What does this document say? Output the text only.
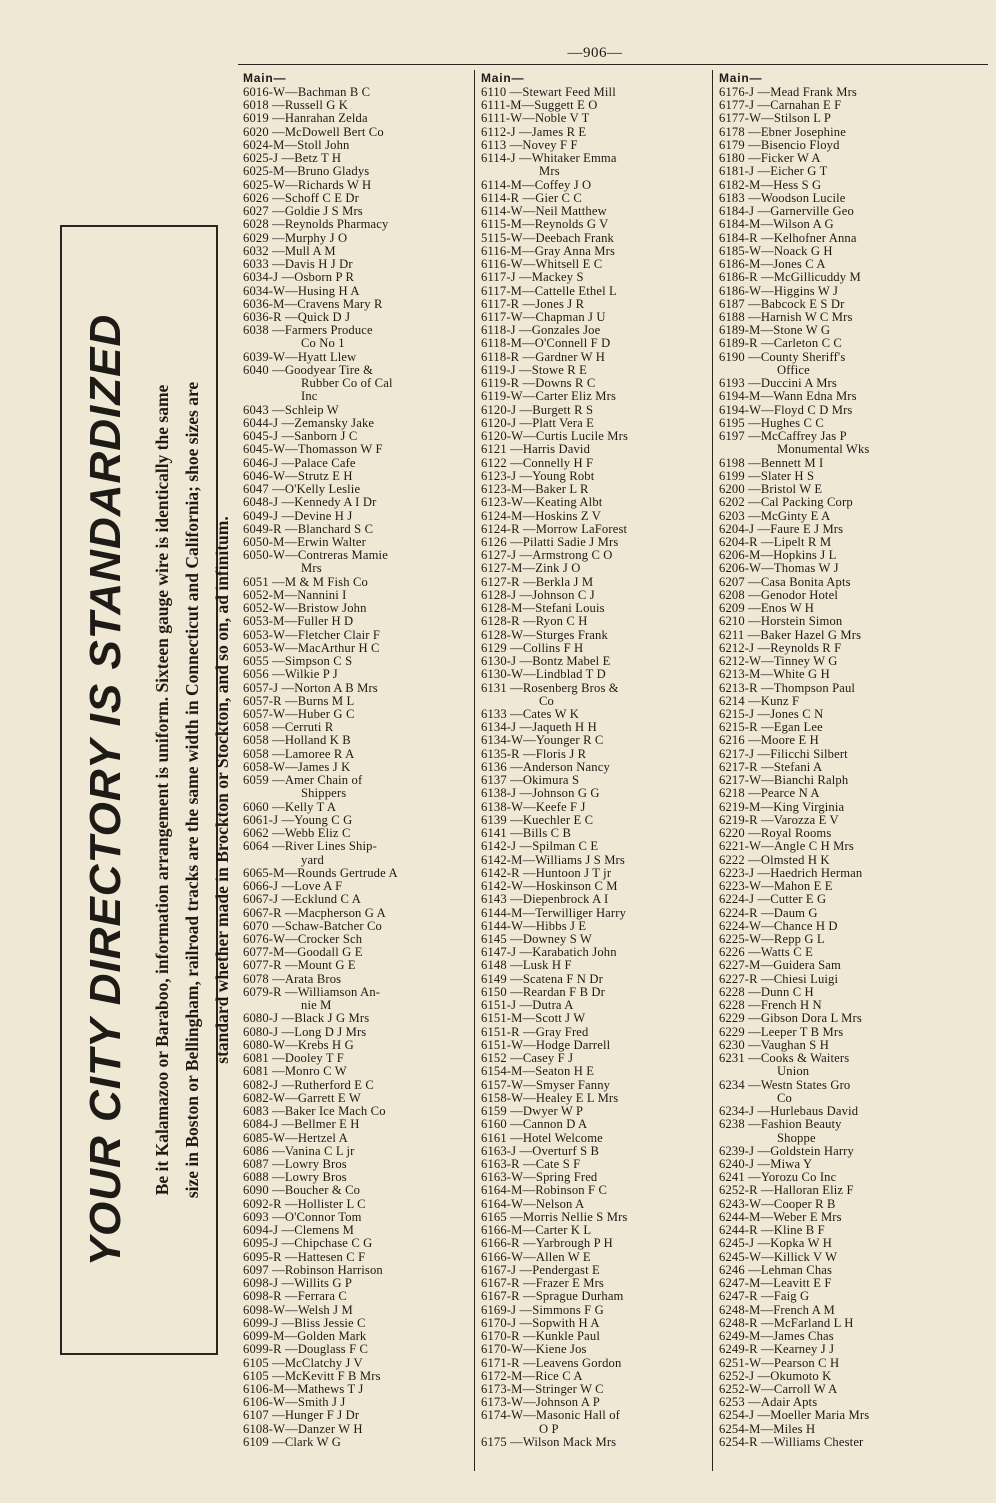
—906—
YOUR CITY DIRECTORY IS STANDARDIZED Be it Kalamazoo or Baraboo, information arrangement is uniform. Sixteen gauge wire is identically the same size in Boston or Bellingham, railroad tracks are the same width in Connecticut and California; shoe sizes are standard whether made in Brockton or Stockton, and so on, ad infinitum.
Main—
6016-W—Bachman B C
6018 —Russell G K
6019 —Hanrahan Zelda
6020 —McDowell Bert Co
6024-M—Stoll John
6025-J —Betz T H
6025-M—Bruno Gladys
6025-W—Richards W H
6026 —Schoff C E Dr
6027 —Goldie J S Mrs
6028 —Reynolds Pharmacy
6029 —Murphy J O
6032 —Mull A M
6033 —Davis H J Dr
6034-J —Osborn P R
6034-W—Husing H A
6036-M—Cravens Mary R
6036-R —Quick D J
6038 —Farmers Produce
Co No 1
6039-W—Hyatt Llew
6040 —Goodyear Tire &
Rubber Co of Cal
Inc
6043 —Schleip W
6044-J —Zemansky Jake
6045-J —Sanborn J C
6045-W—Thomasson W F
6046-J —Palace Cafe
6046-W—Strutz E H
6047 —O'Kelly Leslie
6048-J —Kennedy A I Dr
6049-J —Devine H J
6049-R —Blanchard S C
6050-M—Erwin Walter
6050-W—Contreras Mamie
Mrs
6051 —M & M Fish Co
6052-M—Nannini I
6052-W—Bristow John
6053-M—Fuller H D
6053-W—Fletcher Clair F
6053-W—MacArthur H C
6055 —Simpson C S
6056 —Wilkie P J
6057-J —Norton A B Mrs
6057-R —Burns M L
6057-W—Huber G C
6058 —Cerruti R
6058 —Holland K B
6058 —Lamoree R A
6058-W—James J K
6059 —Amer Chain of
Shippers
6060 —Kelly T A
6061-J —Young C G
6062 —Webb Eliz C
6064 —River Lines Ship-
yard
6065-M—Rounds Gertrude A
6066-J —Love A F
6067-J —Ecklund C A
6067-R —Macpherson G A
6070 —Schaw-Batcher Co
6076-W—Crocker Sch
6077-M—Goodall G E
6077-R —Mount G E
6078 —Arata Bros
6079-R —Williamson An-
nie M
6080-J —Black J G Mrs
6080-J —Long D J Mrs
6080-W—Krebs H G
6081 —Dooley T F
6081 —Monro C W
6082-J —Rutherford E C
6082-W—Garrett E W
6083 —Baker Ice Mach Co
6084-J —Bellmer E H
6085-W—Hertzel A
6086 —Vanina C L jr
6087 —Lowry Bros
6088 —Lowry Bros
6090 —Boucher & Co
6092-R —Hollister L C
6093 —O'Connor Tom
6094-J —Clemens M
6095-J —Chipchase C G
6095-R —Hattesen C F
6097 —Robinson Harrison
6098-J —Willits G P
6098-R —Ferrara C
6098-W—Welsh J M
6099-J —Bliss Jessie C
6099-M—Golden Mark
6099-R —Douglass F C
6105 —McClatchy J V
6105 —McKevitt F B Mrs
6106-M—Mathews T J
6106-W—Smith J J
6107 —Hunger F J Dr
6108-W—Danzer W H
6109 —Clark W G
Main—
6110 —Stewart Feed Mill
6111-M—Suggett E O
6111-W—Noble V T
6112-J —James R E
6113 —Novey F F
6114-J —Whitaker Emma
Mrs
6114-M—Coffey J O
6114-R —Gier C C
6114-W—Neil Matthew
6115-M—Reynolds G V
5115-W—Deebach Frank
6116-M—Gray Anna Mrs
6116-W—Whitsell E C
6117-J —Mackey S
6117-M—Cattelle Ethel L
6117-R —Jones J R
6117-W—Chapman J U
6118-J —Gonzales Joe
6118-M—O'Connell F D
6118-R —Gardner W H
6119-J —Stowe R E
6119-R —Downs R C
6119-W—Carter Eliz Mrs
6120-J —Burgett R S
6120-J —Platt Vera E
6120-W—Curtis Lucile Mrs
6121 —Harris David
6122 —Connelly H F
6123-J —Young Robt
6123-M—Baker L R
6123-W—Keating Albt
6124-M—Hoskins Z V
6124-R —Morrow LaForest
6126 —Pilatti Sadie J Mrs
6127-J —Armstrong C O
6127-M—Zink J O
6127-R —Berkla J M
6128-J —Johnson C J
6128-M—Stefani Louis
6128-R —Ryon C H
6128-W—Sturges Frank
6129 —Collins F H
6130-J —Bontz Mabel E
6130-W—Lindblad T D
6131 —Rosenberg Bros &
Co
6133 —Cates W K
6134-J —Jaqueth H H
6134-W—Younger R C
6135-R —Floris J R
6136 —Anderson Nancy
6137 —Okimura S
6138-J —Johnson G G
6138-W—Keefe F J
6139 —Kuechler E C
6141 —Bills C B
6142-J —Spilman C E
6142-M—Williams J S Mrs
6142-R —Huntoon J T jr
6142-W—Hoskinson C M
6143 —Diepenbrock A I
6144-M—Terwilliger Harry
6144-W—Hibbs J E
6145 —Downey S W
6147-J —Karabatich John
6148 —Lusk H F
6149 —Scatena F N Dr
6150 —Reardan F B Dr
6151-J —Dutra A
6151-M—Scott J W
6151-R —Gray Fred
6151-W—Hodge Darrell
6152 —Casey F J
6154-M—Seaton H E
6157-W—Smyser Fanny
6158-W—Healey E L Mrs
6159 —Dwyer W P
6160 —Cannon D A
6161 —Hotel Welcome
6163-J —Overturf S B
6163-R —Cate S F
6163-W—Spring Fred
6164-M—Robinson F C
6164-W—Nelson A
6165 —Morris Nellie S Mrs
6166-M—Carter K L
6166-R —Yarbrough P H
6166-W—Allen W E
6167-J —Pendergast E
6167-R —Frazer E Mrs
6167-R —Sprague Durham
6169-J —Simmons F G
6170-J —Sopwith H A
6170-R —Kunkle Paul
6170-W—Kiene Jos
6171-R —Leavens Gordon
6172-M—Rice C A
6173-M—Stringer W C
6173-W—Johnson A P
6174-W—Masonic Hall of
O P
6175 —Wilson Mack Mrs
Main—
6176-J —Mead Frank Mrs
6177-J —Carnahan E F
6177-W—Stilson L P
6178 —Ebner Josephine
6179 —Bisencio Floyd
6180 —Ficker W A
6181-J —Eicher G T
6182-M—Hess S G
6183 —Woodson Lucile
6184-J —Garnerville Geo
6184-M—Wilson A G
6184-R —Kelhofner Anna
6185-W—Noack G H
6186-M—Jones C A
6186-R —McGillicuddy M
6186-W—Higgins W J
6187 —Babcock E S Dr
6188 —Harnish W C Mrs
6189-M—Stone W G
6189-R —Carleton C C
6190 —County Sheriff's
Office
6193 —Duccini A Mrs
6194-M—Wann Edna Mrs
6194-W—Floyd C D Mrs
6195 —Hughes C C
6197 —McCaffrey Jas P
Monumental Wks
6198 —Bennett M I
6199 —Slater H S
6200 —Bristol W E
6202 —Cal Packing Corp
6203 —McGinty E A
6204-J —Faure E J Mrs
6204-R —Lipelt R M
6206-M—Hopkins J L
6206-W—Thomas W J
6207 —Casa Bonita Apts
6208 —Genodor Hotel
6209 —Enos W H
6210 —Horstein Simon
6211 —Baker Hazel G Mrs
6212-J —Reynolds R F
6212-W—Tinney W G
6213-M—White G H
6213-R —Thompson Paul
6214 —Kunz F
6215-J —Jones C N
6215-R —Egan Lee
6216 —Moore E H
6217-J —Filicchi Silbert
6217-R —Stefani A
6217-W—Bianchi Ralph
6218 —Pearce N A
6219-M—King Virginia
6219-R —Varozza E V
6220 —Royal Rooms
6221-W—Angle C H Mrs
6222 —Olmsted H K
6223-J —Haedrich Herman
6223-W—Mahon E E
6224-J —Cutter E G
6224-R —Daum G
6224-W—Chance H D
6225-W—Repp G L
6226 —Watts C E
6227-M—Guidera Sam
6227-R —Chiesi Luigi
6228 —Dunn C H
6228 —French H N
6229 —Gibson Dora L Mrs
6229 —Leeper T B Mrs
6230 —Vaughan S H
6231 —Cooks & Waiters
Union
6234 —Westn States Gro
Co
6234-J —Hurlebaus David
6238 —Fashion Beauty
Shoppe
6239-J —Goldstein Harry
6240-J —Miwa Y
6241 —Yorozu Co Inc
6252-R —Halloran Eliz F
6243-W—Cooper R B
6244-M—Weber E Mrs
6244-R —Kline B F
6245-J —Kopka W H
6245-W—Killick V W
6246 —Lehman Chas
6247-M—Leavitt E F
6247-R —Faig G
6248-M—French A M
6248-R —McFarland L H
6249-M—James Chas
6249-R —Kearney J J
6251-W—Pearson C H
6252-J —Okumoto K
6252-W—Carroll W A
6253 —Adair Apts
6254-J —Moeller Maria Mrs
6254-M—Miles H
6254-R —Williams Chester
